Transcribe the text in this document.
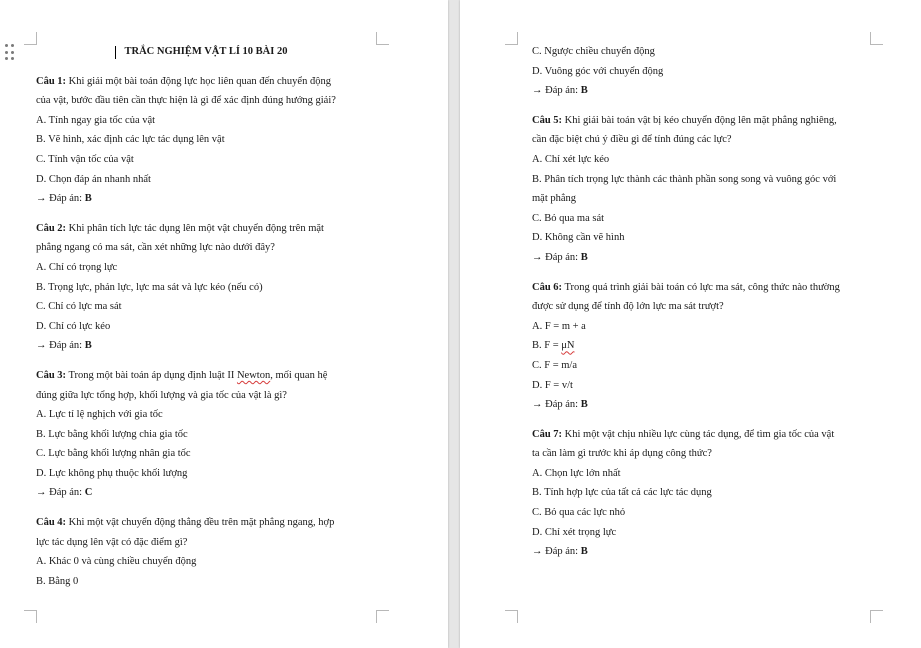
TRẮC NGHIỆM VẬT LÍ 10 BÀI 20
Câu 1: Khi giải một bài toán động lực học liên quan đến chuyển động
của vật, bước đầu tiên cần thực hiện là gì để xác định đúng hướng giải?
A. Tính ngay gia tốc của vật
B. Vẽ hình, xác định các lực tác dụng lên vật
C. Tính vận tốc của vật
D. Chọn đáp án nhanh nhất
→ Đáp án: B
Câu 2: Khi phân tích lực tác dụng lên một vật chuyển động trên mặt
phẳng ngang có ma sát, cần xét những lực nào dưới đây?
A. Chỉ có trọng lực
B. Trọng lực, phản lực, lực ma sát và lực kéo (nếu có)
C. Chỉ có lực ma sát
D. Chỉ có lực kéo
→ Đáp án: B
Câu 3: Trong một bài toán áp dụng định luật II Newton, mối quan hệ
đúng giữa lực tổng hợp, khối lượng và gia tốc của vật là gì?
A. Lực tỉ lệ nghịch với gia tốc
B. Lực bằng khối lượng chia gia tốc
C. Lực bằng khối lượng nhân gia tốc
D. Lực không phụ thuộc khối lượng
→ Đáp án: C
Câu 4: Khi một vật chuyển động thẳng đều trên mặt phẳng ngang, hợp
lực tác dụng lên vật có đặc điểm gì?
A. Khác 0 và cùng chiều chuyển động
B. Bằng 0
C. Ngược chiều chuyển động
D. Vuông góc với chuyển động
→ Đáp án: B
Câu 5: Khi giải bài toán vật bị kéo chuyển động lên mặt phẳng nghiêng,
cần đặc biệt chú ý điều gì để tính đúng các lực?
A. Chỉ xét lực kéo
B. Phân tích trọng lực thành các thành phần song song và vuông góc với
mặt phẳng
C. Bỏ qua ma sát
D. Không cần vẽ hình
→ Đáp án: B
Câu 6: Trong quá trình giải bài toán có lực ma sát, công thức nào thường
được sử dụng để tính độ lớn lực ma sát trượt?
A. F = m + a
B. F = μN
C. F = m/a
D. F = v/t
→ Đáp án: B
Câu 7: Khi một vật chịu nhiều lực cùng tác dụng, để tìm gia tốc của vật
ta cần làm gì trước khi áp dụng công thức?
A. Chọn lực lớn nhất
B. Tính hợp lực của tất cả các lực tác dụng
C. Bỏ qua các lực nhỏ
D. Chỉ xét trọng lực
→ Đáp án: B
